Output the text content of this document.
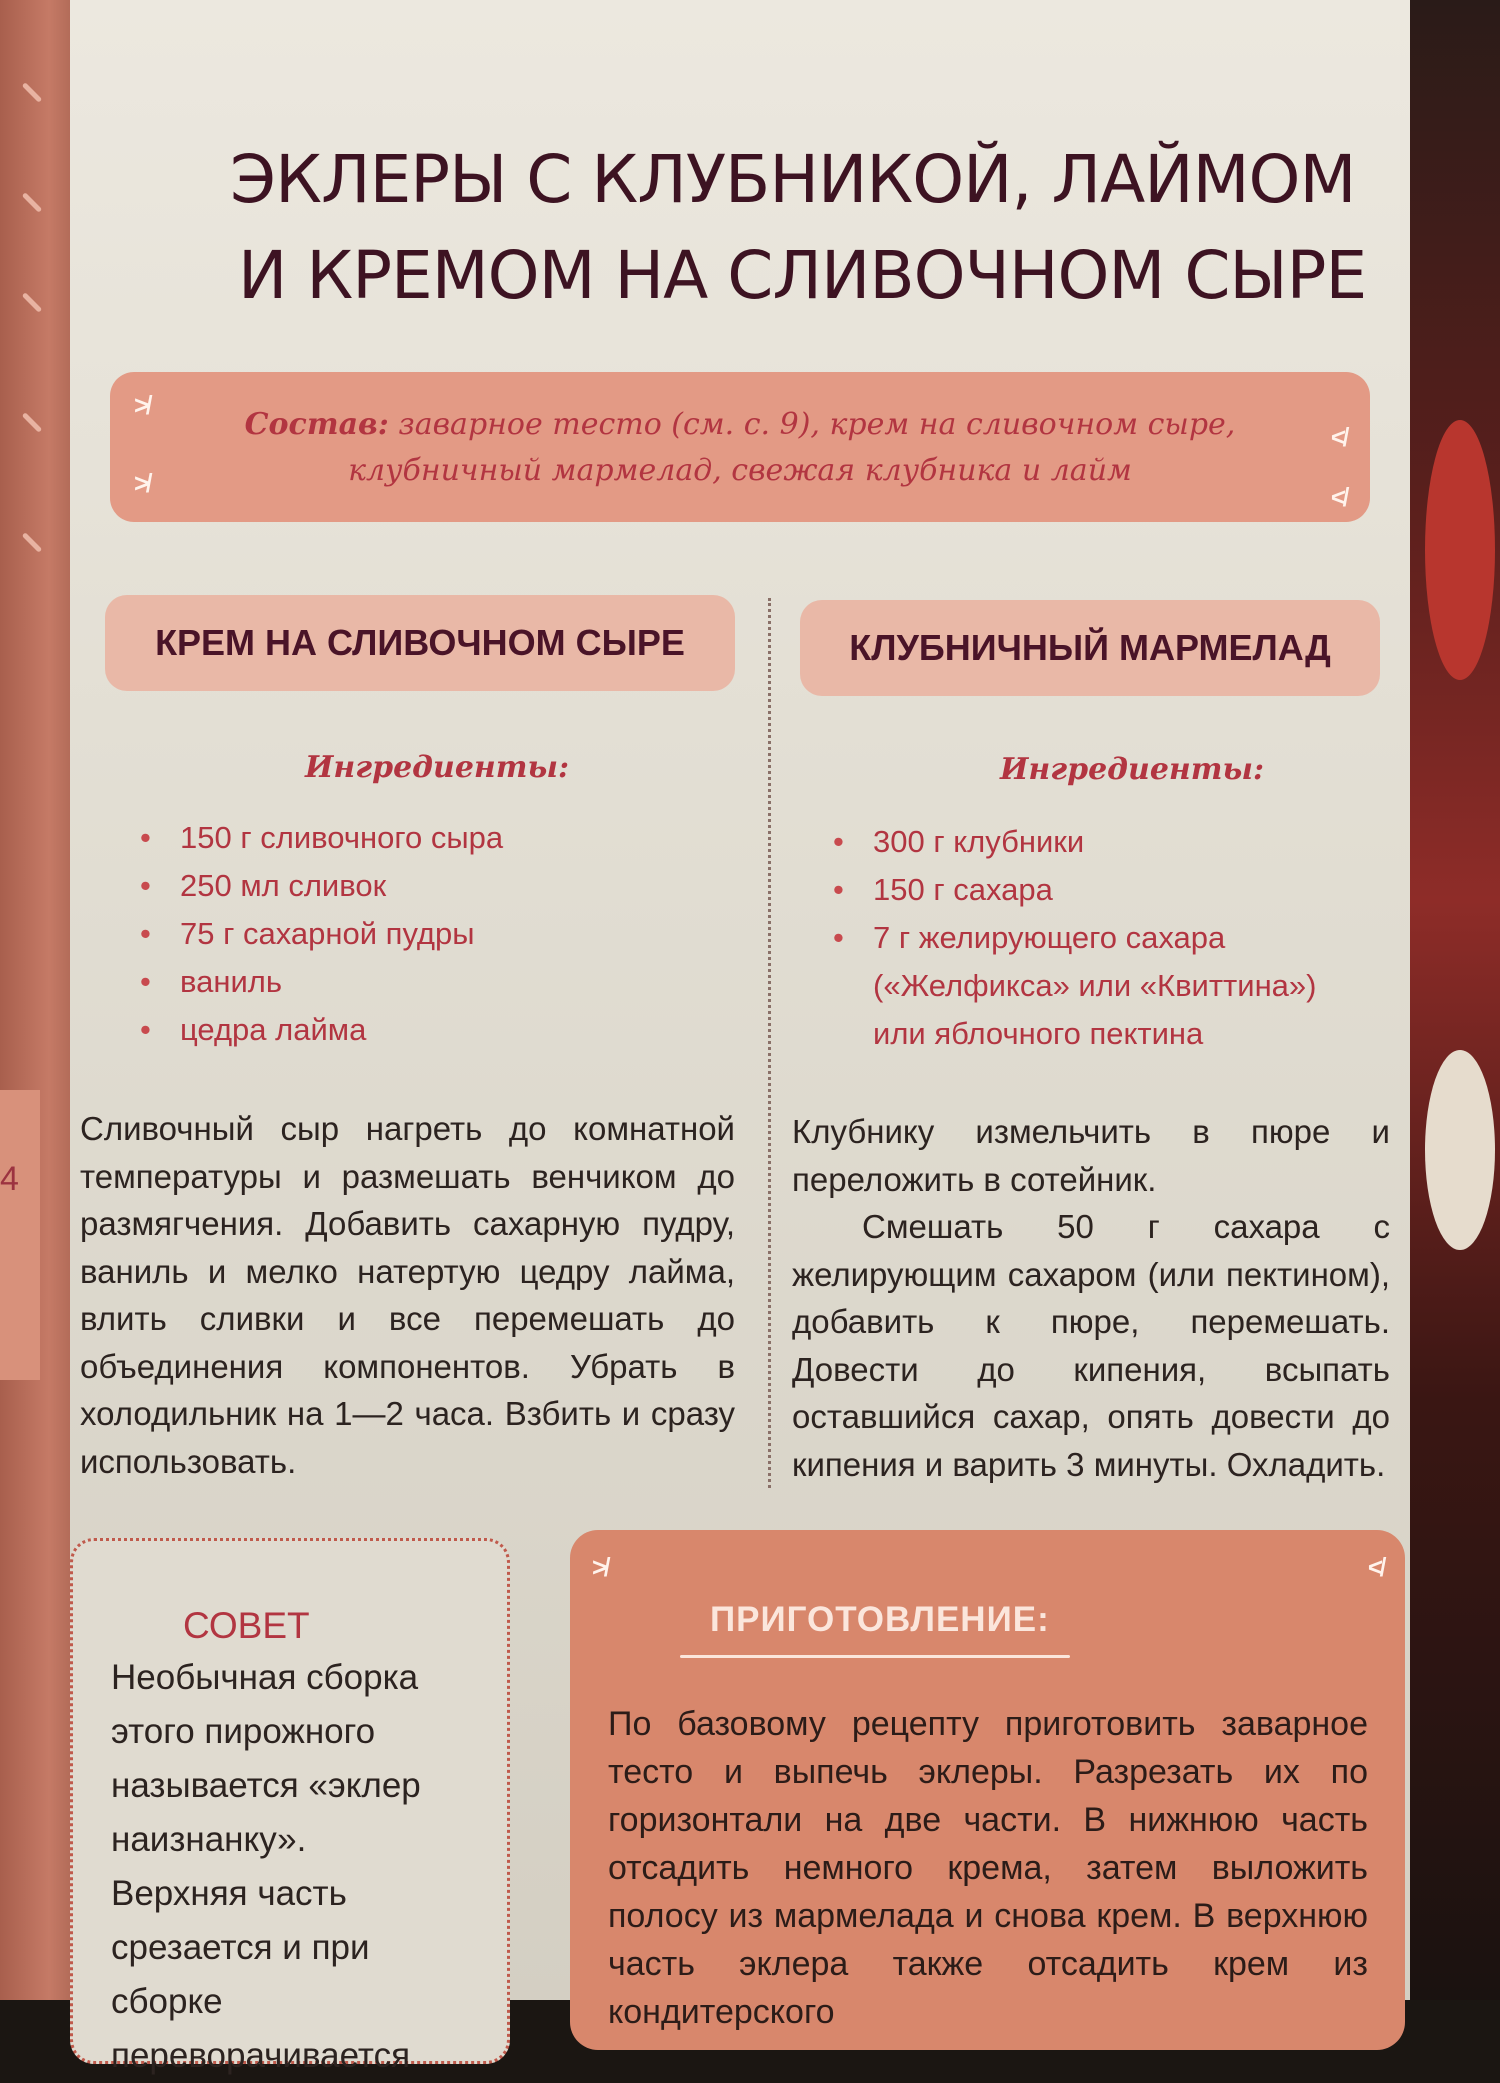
4
ЭКЛЕРЫ С КЛУБНИКОЙ, ЛАЙМОМ
И КРЕМОМ НА СЛИВОЧНОМ СЫРЕ
≯
≯
≮
≮
Состав: заварное тесто (см. с. 9), крем на сливочном сыре, клубничный мармелад, свежая клубника и лайм
КРЕМ НА СЛИВОЧНОМ СЫРЕ
Ингредиенты:
• 150 г сливочного сыра
• 250 мл сливок
• 75 г сахарной пудры
• ваниль
• цедра лайма

Сливочный сыр нагреть до комнатной температуры и размешать венчиком до размягчения. Добавить сахарную пудру, ваниль и мелко натертую цедру лайма, влить сливки и все перемешать до объединения компонентов. Убрать в холодильник на 1—2 часа. Взбить и сразу использовать.

КЛУБНИЧНЫЙ МАРМЕЛАД
Ингредиенты:
• 300 г клубники
• 150 г сахара
• 7 г желирующего сахара («Желфикса» или «Квиттина») или яблочного пектина

Клубнику измельчить в пюре и переложить в сотейник.

Смешать 50 г сахара с желирующим сахаром (или пектином), добавить к пюре, перемешать. Довести до кипения, всыпать оставшийся сахар, опять довести до кипения и варить 3 минуты. Охладить.

СОВЕТ
Необычная сборка этого пирожного называется «эклер наизнанку». Верхняя часть срезается и при сборке переворачивается
≯	≮
ПРИГОТОВЛЕНИЕ:
По базовому рецепту приготовить заварное тесто и выпечь эклеры. Разрезать их по горизонтали на две части. В нижнюю часть отсадить немного крема, затем выложить полосу из мармелада и снова крем. В верхнюю часть эклера также отсадить крем из кондитерского
